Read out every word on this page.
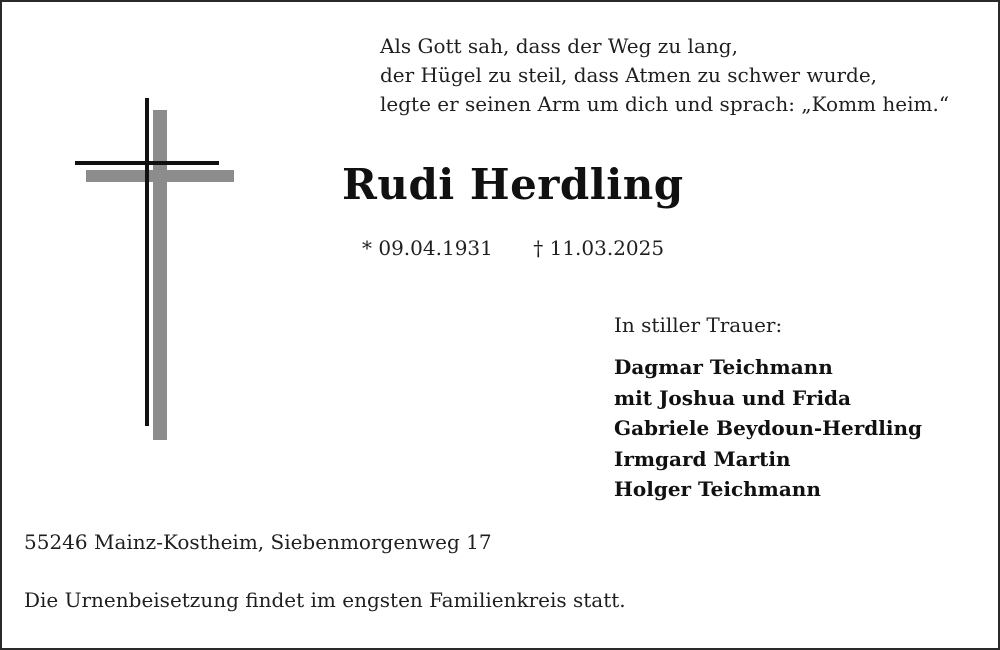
Als Gott sah, dass der Weg zu lang,
der Hügel zu steil, dass Atmen zu schwer wurde,
legte er seinen Arm um dich und sprach: „Komm heim.“
Rudi Herdling
* 09.04.1931 † 11.03.2025
In stiller Trauer:
Dagmar Teichmann
mit Joshua und Frida
Gabriele Beydoun-Herdling
Irmgard Martin
Holger Teichmann
55246 Mainz-Kostheim, Siebenmorgenweg 17
Die Urnenbeisetzung findet im engsten Familienkreis statt.
